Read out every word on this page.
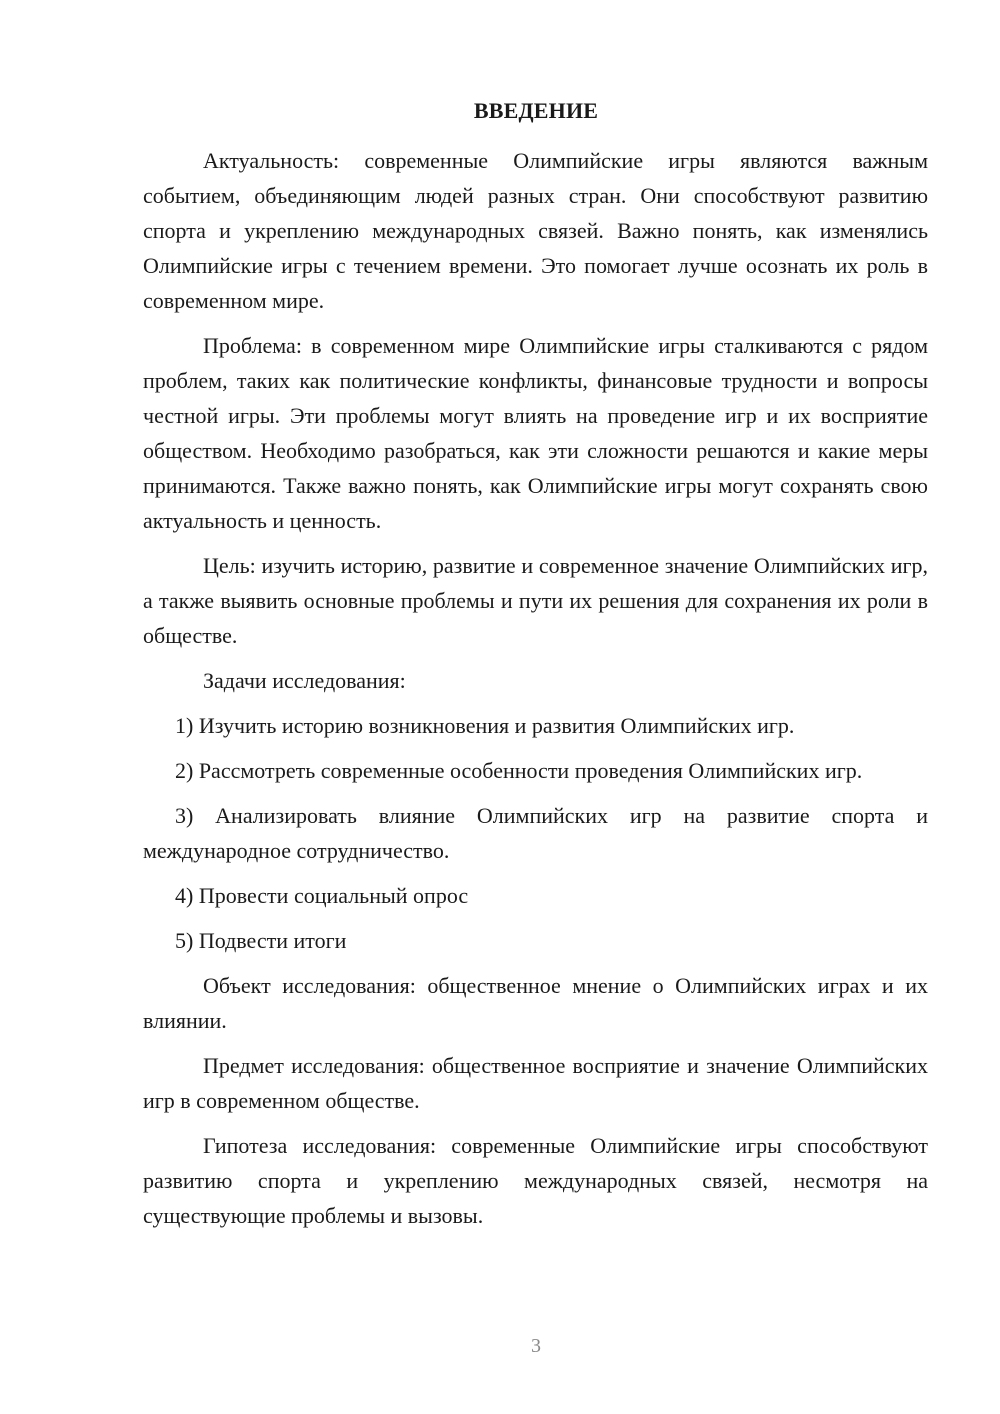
ВВЕДЕНИЕ

Актуальность: современные Олимпийские игры являются важным событием, объединяющим людей разных стран. Они способствуют развитию спорта и укреплению международных связей. Важно понять, как изменялись Олимпийские игры с течением времени. Это помогает лучше осознать их роль в современном мире.

Проблема: в современном мире Олимпийские игры сталкиваются с рядом проблем, таких как политические конфликты, финансовые трудности и вопросы честной игры. Эти проблемы могут влиять на проведение игр и их восприятие обществом. Необходимо разобраться, как эти сложности решаются и какие меры принимаются. Также важно понять, как Олимпийские игры могут сохранять свою актуальность и ценность.

Цель: изучить историю, развитие и современное значение Олимпийских игр, а также выявить основные проблемы и пути их решения для сохранения их роли в обществе.

Задачи исследования:

1) Изучить историю возникновения и развития Олимпийских игр.

2) Рассмотреть современные особенности проведения Олимпийских игр.

3) Анализировать влияние Олимпийских игр на развитие спорта и международное сотрудничество.

4) Провести социальный опрос

5) Подвести итоги

Объект исследования: общественное мнение о Олимпийских играх и их влиянии.

Предмет исследования: общественное восприятие и значение Олимпийских игр в современном обществе.

Гипотеза исследования: современные Олимпийские игры способствуют развитию спорта и укреплению международных связей, несмотря на существующие проблемы и вызовы.

3
